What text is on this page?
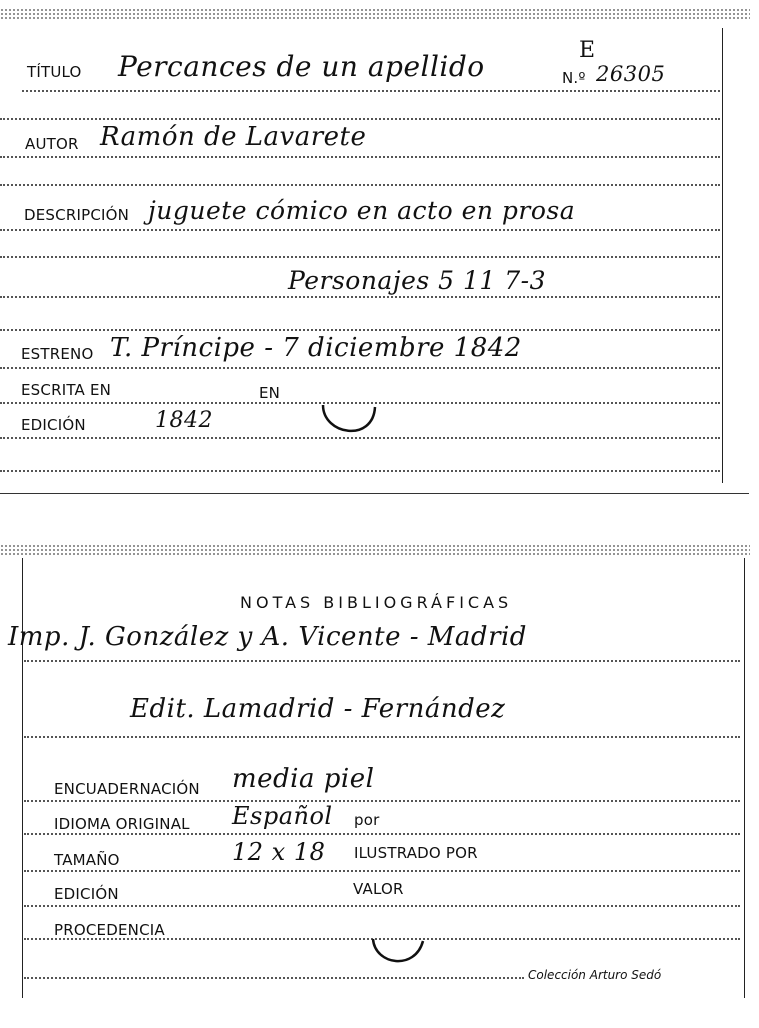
TÍTULO Percances de un apellido	E
N.º 26305
AUTOR Ramón de Lavarete
DESCRIPCIÓN juguete cómico en acto en prosa
Personajes 5 11 7-3
ESTRENO T. Príncipe - 7 diciembre 1842
ESCRITA EN	EN
EDICIÓN	1842
NOTAS BIBLIOGRÁFICAS
Imp. J. González y A. Vicente - Madrid
Edit. Lamadrid - Fernández
ENCUADERNACIÓN media piel
IDIOMA ORIGINAL Español por
TAMAÑO	12 x 18 ILUSTRADO POR
EDICIÓN	VALOR
PROCEDENCIA
Colección Arturo Sedó
